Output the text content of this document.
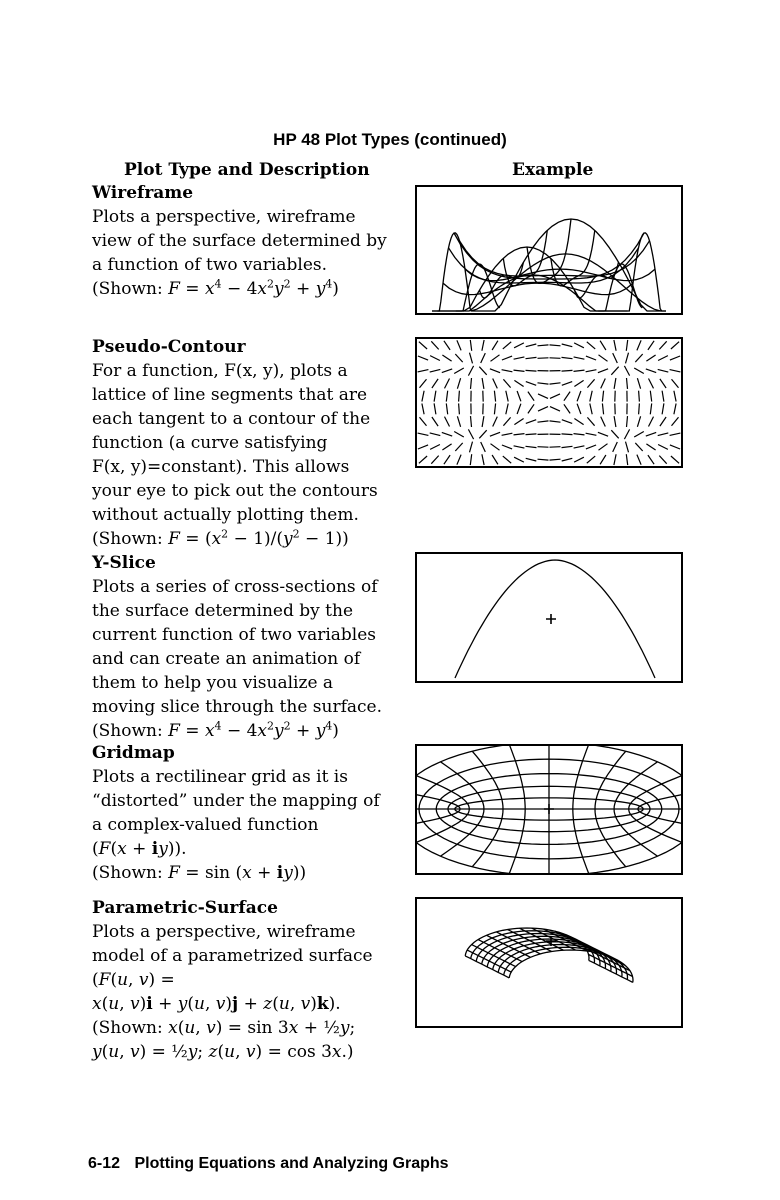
HP 48 Plot Types (continued)
Plot Type and Description	Example
Wireframe
Plots a perspective, wireframe
view of the surface determined by
a function of two variables.
(Shown: $F = x^4 - 4x^2y^2 + y^4$)
Pseudo-Contour
For a function, F(x, y), plots a
lattice of line segments that are
each tangent to a contour of the
function (a curve satisfying
F(x, y)=constant). This allows
your eye to pick out the contours
without actually plotting them.
(Shown: $F = (x^2 - 1)/(y^2 - 1)$)
Y-Slice
Plots a series of cross-sections of
the surface determined by the
current function of two variables
and can create an animation of
them to help you visualize a
moving slice through the surface.
(Shown: $F = x^4 - 4x^2y^2 + y^4$)
Gridmap
Plots a rectilinear grid as it is
“distorted” under the mapping of
a complex-valued function
(F(x + iy)).
(Shown: F = sin (x + iy))
Parametric-Surface
Plots a perspective, wireframe
model of a parametrized surface
(F(u, v) =
x(u, v)i + y(u, v)j + z(u, v)k).
(Shown: x(u, v) = sin 3x + ½y;
y(u, v) = ½y; z(u, v) = cos 3x.)
6-12 Plotting Equations and Analyzing Graphs
